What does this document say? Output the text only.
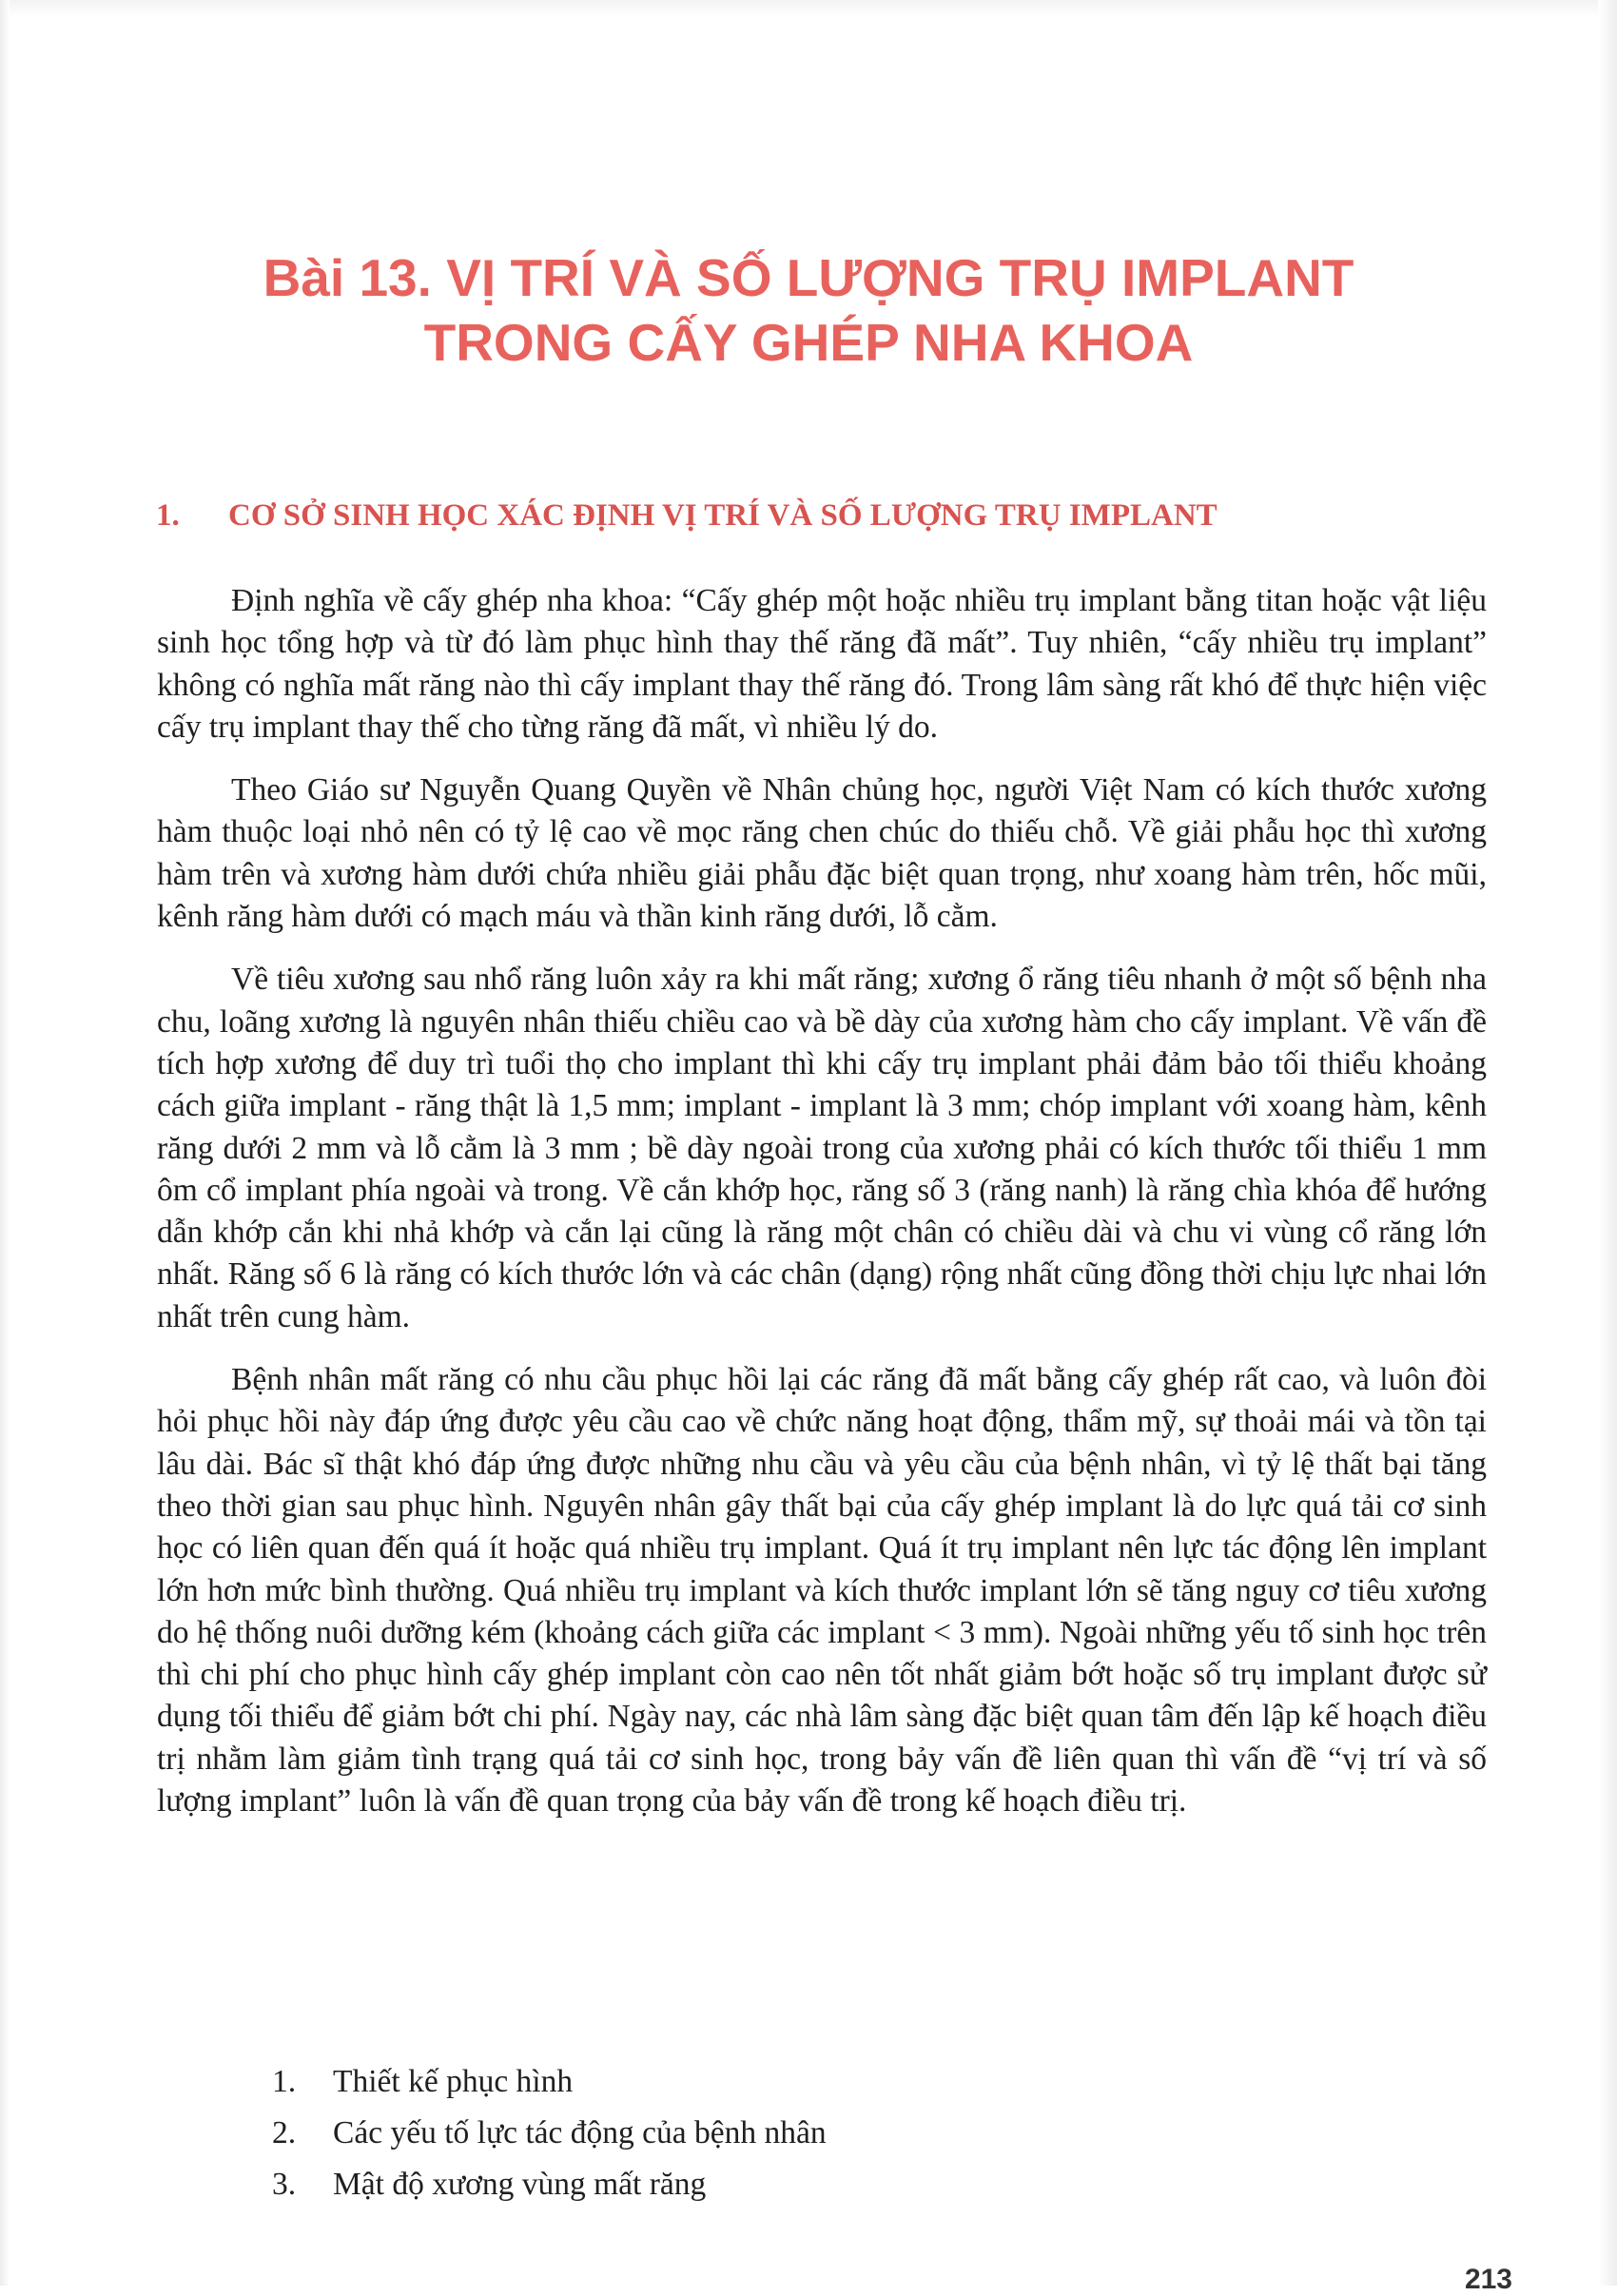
Bài 13. VỊ TRÍ VÀ SỐ LƯỢNG TRỤ IMPLANT
TRONG CẤY GHÉP NHA KHOA
1. CƠ SỞ SINH HỌC XÁC ĐỊNH VỊ TRÍ VÀ SỐ LƯỢNG TRỤ IMPLANT

Định nghĩa về cấy ghép nha khoa: “Cấy ghép một hoặc nhiều trụ implant bằng titan hoặc vật liệu sinh học tổng hợp và từ đó làm phục hình thay thế răng đã mất”. Tuy nhiên, “cấy nhiều trụ implant” không có nghĩa mất răng nào thì cấy implant thay thế răng đó. Trong lâm sàng rất khó để thực hiện việc cấy trụ implant thay thế cho từng răng đã mất, vì nhiều lý do.

Theo Giáo sư Nguyễn Quang Quyền về Nhân chủng học, người Việt Nam có kích thước xương hàm thuộc loại nhỏ nên có tỷ lệ cao về mọc răng chen chúc do thiếu chỗ. Về giải phẫu học thì xương hàm trên và xương hàm dưới chứa nhiều giải phẫu đặc biệt quan trọng, như xoang hàm trên, hốc mũi, kênh răng hàm dưới có mạch máu và thần kinh răng dưới, lỗ cằm.

Về tiêu xương sau nhổ răng luôn xảy ra khi mất răng; xương ổ răng tiêu nhanh ở một số bệnh nha chu, loãng xương là nguyên nhân thiếu chiều cao và bề dày của xương hàm cho cấy implant. Về vấn đề tích hợp xương để duy trì tuổi thọ cho implant thì khi cấy trụ implant phải đảm bảo tối thiểu khoảng cách giữa implant - răng thật là 1,5 mm; implant - implant là 3 mm; chóp implant với xoang hàm, kênh răng dưới 2 mm và lỗ cằm là 3 mm ; bề dày ngoài trong của xương phải có kích thước tối thiểu 1 mm ôm cổ implant phía ngoài và trong. Về cắn khớp học, răng số 3 (răng nanh) là răng chìa khóa để hướng dẫn khớp cắn khi nhả khớp và cắn lại cũng là răng một chân có chiều dài và chu vi vùng cổ răng lớn nhất. Răng số 6 là răng có kích thước lớn và các chân (dạng) rộng nhất cũng đồng thời chịu lực nhai lớn nhất trên cung hàm.

Bệnh nhân mất răng có nhu cầu phục hồi lại các răng đã mất bằng cấy ghép rất cao, và luôn đòi hỏi phục hồi này đáp ứng được yêu cầu cao về chức năng hoạt động, thẩm mỹ, sự thoải mái và tồn tại lâu dài. Bác sĩ thật khó đáp ứng được những nhu cầu và yêu cầu của bệnh nhân, vì tỷ lệ thất bại tăng theo thời gian sau phục hình. Nguyên nhân gây thất bại của cấy ghép implant là do lực quá tải cơ sinh học có liên quan đến quá ít hoặc quá nhiều trụ implant. Quá ít trụ implant nên lực tác động lên implant lớn hơn mức bình thường. Quá nhiều trụ implant và kích thước implant lớn sẽ tăng nguy cơ tiêu xương do hệ thống nuôi dưỡng kém (khoảng cách giữa các implant < 3 mm). Ngoài những yếu tố sinh học trên thì chi phí cho phục hình cấy ghép implant còn cao nên tốt nhất giảm bớt hoặc số trụ implant được sử dụng tối thiểu để giảm bớt chi phí. Ngày nay, các nhà lâm sàng đặc biệt quan tâm đến lập kế hoạch điều trị nhằm làm giảm tình trạng quá tải cơ sinh học, trong bảy vấn đề liên quan thì vấn đề “vị trí và số lượng implant” luôn là vấn đề quan trọng của bảy vấn đề trong kế hoạch điều trị.

1. Thiết kế phục hình
2. Các yếu tố lực tác động của bệnh nhân
3. Mật độ xương vùng mất răng
213
